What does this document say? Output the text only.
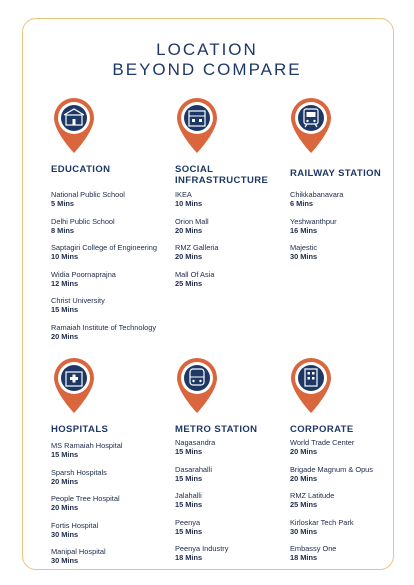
LOCATION
BEYOND COMPARE
EDUCATION
National Public School
5 Mins
Delhi Public School
8 Mins
Saptagiri College of Engineering
10 Mins
Widia Poornaprajna
12 Mins
Christ University
15 Mins
Ramaiah Institute of Technology
20 Mins
SOCIAL
INFRASTRUCTURE
IKEA
10 Mins
Orion Mall
20 Mins
RMZ Galleria
20 Mins
Mall Of Asia
25 Mins
RAILWAY STATION
Chikkabanavara
6 Mins
Yeshwanthpur
16 Mins
Majestic
30 Mins
HOSPITALS
MS Ramaiah Hospital
15 Mins
Sparsh Hospitals
20 Mins
People Tree Hospital
20 Mins
Fortis Hospital
30 Mins
Manipal Hospital
30 Mins
METRO STATION
Nagasandra
15 Mins
Dasarahalli
15 Mins
Jalahalli
15 Mins
Peenya
15 Mins
Peenya Industry
18 Mins
CORPORATE
World Trade Center
20 Mins
Brigade Magnum & Opus
20 Mins
RMZ Latitude
25 Mins
Kirloskar Tech Park
30 Mins
Embassy One
18 Mins
